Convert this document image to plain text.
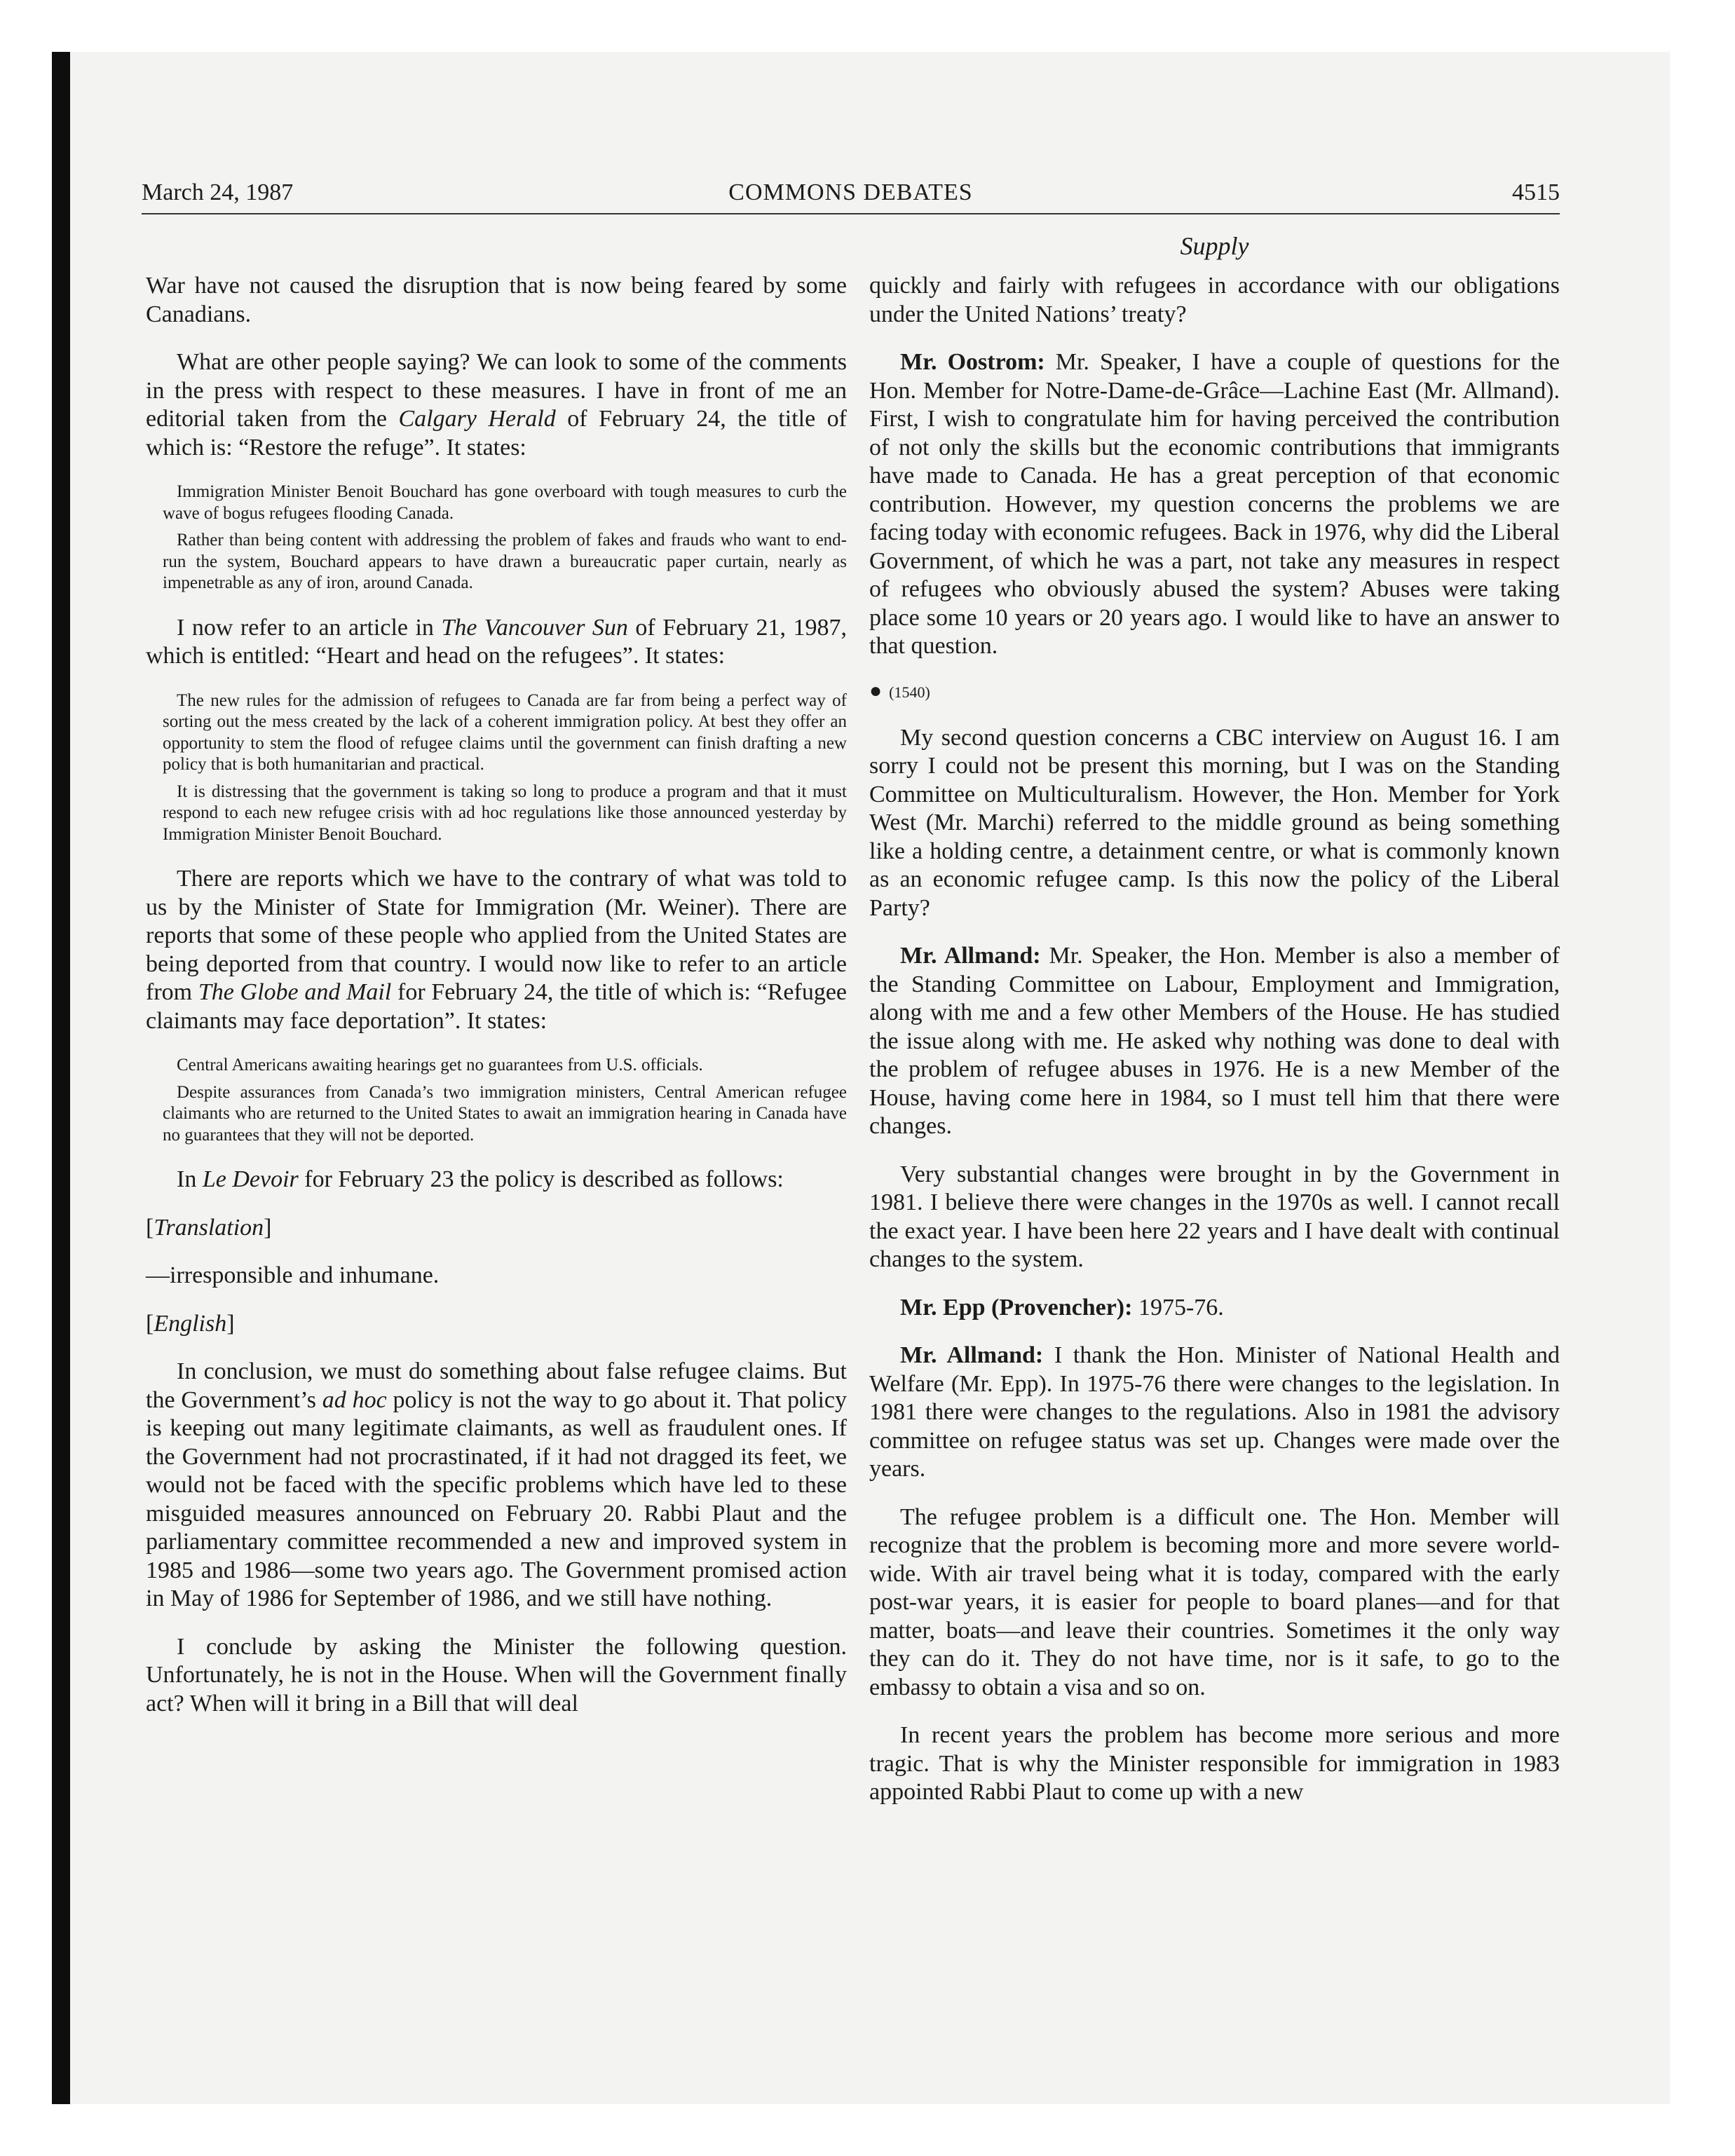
March 24, 1987	COMMONS DEBATES	4515
Supply

War have not caused the disruption that is now being feared by some Canadians.

What are other people saying? We can look to some of the comments in the press with respect to these measures. I have in front of me an editorial taken from the Calgary Herald of February 24, the title of which is: “Restore the refuge”. It states:

Immigration Minister Benoit Bouchard has gone overboard with tough measures to curb the wave of bogus refugees flooding Canada.

Rather than being content with addressing the problem of fakes and frauds who want to end-run the system, Bouchard appears to have drawn a bureaucratic paper curtain, nearly as impenetrable as any of iron, around Canada.

I now refer to an article in The Vancouver Sun of February 21, 1987, which is entitled: “Heart and head on the refugees”. It states:

The new rules for the admission of refugees to Canada are far from being a perfect way of sorting out the mess created by the lack of a coherent immigration policy. At best they offer an opportunity to stem the flood of refugee claims until the government can finish drafting a new policy that is both humanitarian and practical.

It is distressing that the government is taking so long to produce a program and that it must respond to each new refugee crisis with ad hoc regulations like those announced yesterday by Immigration Minister Benoit Bouchard.

There are reports which we have to the contrary of what was told to us by the Minister of State for Immigration (Mr. Weiner). There are reports that some of these people who applied from the United States are being deported from that country. I would now like to refer to an article from The Globe and Mail for February 24, the title of which is: “Refugee claimants may face deportation”. It states:

Central Americans awaiting hearings get no guarantees from U.S. officials.

Despite assurances from Canada’s two immigration ministers, Central American refugee claimants who are returned to the United States to await an immigration hearing in Canada have no guarantees that they will not be deported.

In Le Devoir for February 23 the policy is described as follows:

[Translation]

—irresponsible and inhumane.

[English]

In conclusion, we must do something about false refugee claims. But the Government’s ad hoc policy is not the way to go about it. That policy is keeping out many legitimate claimants, as well as fraudulent ones. If the Government had not procrastinated, if it had not dragged its feet, we would not be faced with the specific problems which have led to these misguided measures announced on February 20. Rabbi Plaut and the parliamentary committee recommended a new and improved system in 1985 and 1986—some two years ago. The Government promised action in May of 1986 for September of 1986, and we still have nothing.

I conclude by asking the Minister the following question. Unfortunately, he is not in the House. When will the Government finally act? When will it bring in a Bill that will deal

quickly and fairly with refugees in accordance with our obligations under the United Nations’ treaty?

Mr. Oostrom: Mr. Speaker, I have a couple of questions for the Hon. Member for Notre-Dame-de-Grâce—Lachine East (Mr. Allmand). First, I wish to congratulate him for having perceived the contribution of not only the skills but the economic contributions that immigrants have made to Canada. He has a great perception of that economic contribution. However, my question concerns the problems we are facing today with economic refugees. Back in 1976, why did the Liberal Government, of which he was a part, not take any measures in respect of refugees who obviously abused the system? Abuses were taking place some 10 years or 20 years ago. I would like to have an answer to that question.

● (1540)

My second question concerns a CBC interview on August 16. I am sorry I could not be present this morning, but I was on the Standing Committee on Multiculturalism. However, the Hon. Member for York West (Mr. Marchi) referred to the middle ground as being something like a holding centre, a detainment centre, or what is commonly known as an economic refugee camp. Is this now the policy of the Liberal Party?

Mr. Allmand: Mr. Speaker, the Hon. Member is also a member of the Standing Committee on Labour, Employment and Immigration, along with me and a few other Members of the House. He has studied the issue along with me. He asked why nothing was done to deal with the problem of refugee abuses in 1976. He is a new Member of the House, having come here in 1984, so I must tell him that there were changes.

Very substantial changes were brought in by the Government in 1981. I believe there were changes in the 1970s as well. I cannot recall the exact year. I have been here 22 years and I have dealt with continual changes to the system.

Mr. Epp (Provencher): 1975-76.

Mr. Allmand: I thank the Hon. Minister of National Health and Welfare (Mr. Epp). In 1975-76 there were changes to the legislation. In 1981 there were changes to the regulations. Also in 1981 the advisory committee on refugee status was set up. Changes were made over the years.

The refugee problem is a difficult one. The Hon. Member will recognize that the problem is becoming more and more severe world-wide. With air travel being what it is today, compared with the early post-war years, it is easier for people to board planes—and for that matter, boats—and leave their countries. Sometimes it the only way they can do it. They do not have time, nor is it safe, to go to the embassy to obtain a visa and so on.

In recent years the problem has become more serious and more tragic. That is why the Minister responsible for immigration in 1983 appointed Rabbi Plaut to come up with a new
